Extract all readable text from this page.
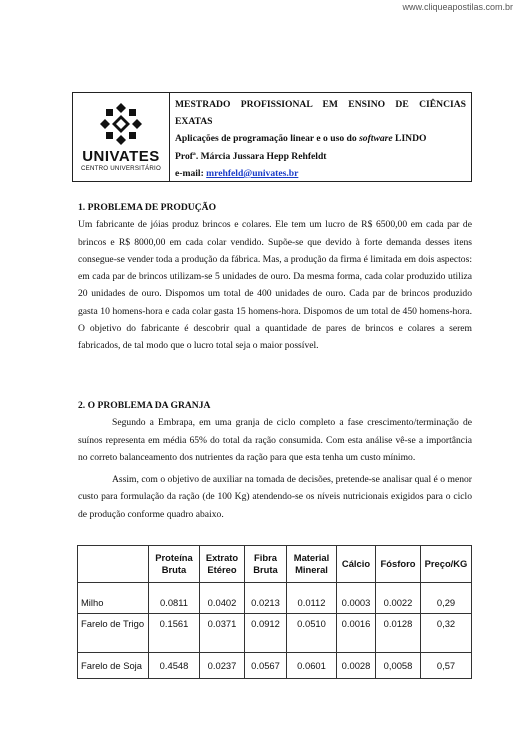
www.cliqueapostilas.com.br
UNIVATES
CENTRO UNIVERSITÁRIO
MESTRADO PROFISSIONAL EM ENSINO DE CIÊNCIAS
EXATAS
Aplicações de programação linear e o uso do software LINDO
Profª. Márcia Jussara Hepp Rehfeldt
e-mail: mrehfeld@univates.br
1. PROBLEMA DE PRODUÇÃO

Um fabricante de jóias produz brincos e colares. Ele tem um lucro de R$ 6500,00 em cada par de brincos e R$ 8000,00 em cada colar vendido. Supõe-se que devido à forte demanda desses itens consegue-se vender toda a produção da fábrica. Mas, a produção da firma é limitada em dois aspectos: em cada par de brincos utilizam-se 5 unidades de ouro. Da mesma forma, cada colar produzido utiliza 20 unidades de ouro. Dispomos um total de 400 unidades de ouro. Cada par de brincos produzido gasta 10 homens-hora e cada colar gasta 15 homens-hora. Dispomos de um total de 450 homens-hora. O objetivo do fabricante é descobrir qual a quantidade de pares de brincos e colares a serem fabricados, de tal modo que o lucro total seja o maior possível.

2. O PROBLEMA DA GRANJA

Segundo a Embrapa, em uma granja de ciclo completo a fase crescimento/terminação de suínos representa em média 65% do total da ração consumida. Com esta análise vê-se a importância no correto balanceamento dos nutrientes da ração para que esta tenha um custo mínimo.

Assim, com o objetivo de auxiliar na tomada de decisões, pretende-se analisar qual é o menor custo para formulação da ração (de 100 Kg) atendendo-se os níveis nutricionais exigidos para o ciclo de produção conforme quadro abaixo.

	Proteína Bruta	Extrato Etéreo	Fibra Bruta	Material Mineral	Cálcio	Fósforo	Preço/KG
Milho	0.0811	0.0402	0.0213	0.0112	0.0003	0.0022	0,29
Farelo de Trigo	0.1561	0.0371	0.0912	0.0510	0.0016	0.0128	0,32
Farelo de Soja	0.4548	0.0237	0.0567	0.0601	0.0028	0,0058	0,57
